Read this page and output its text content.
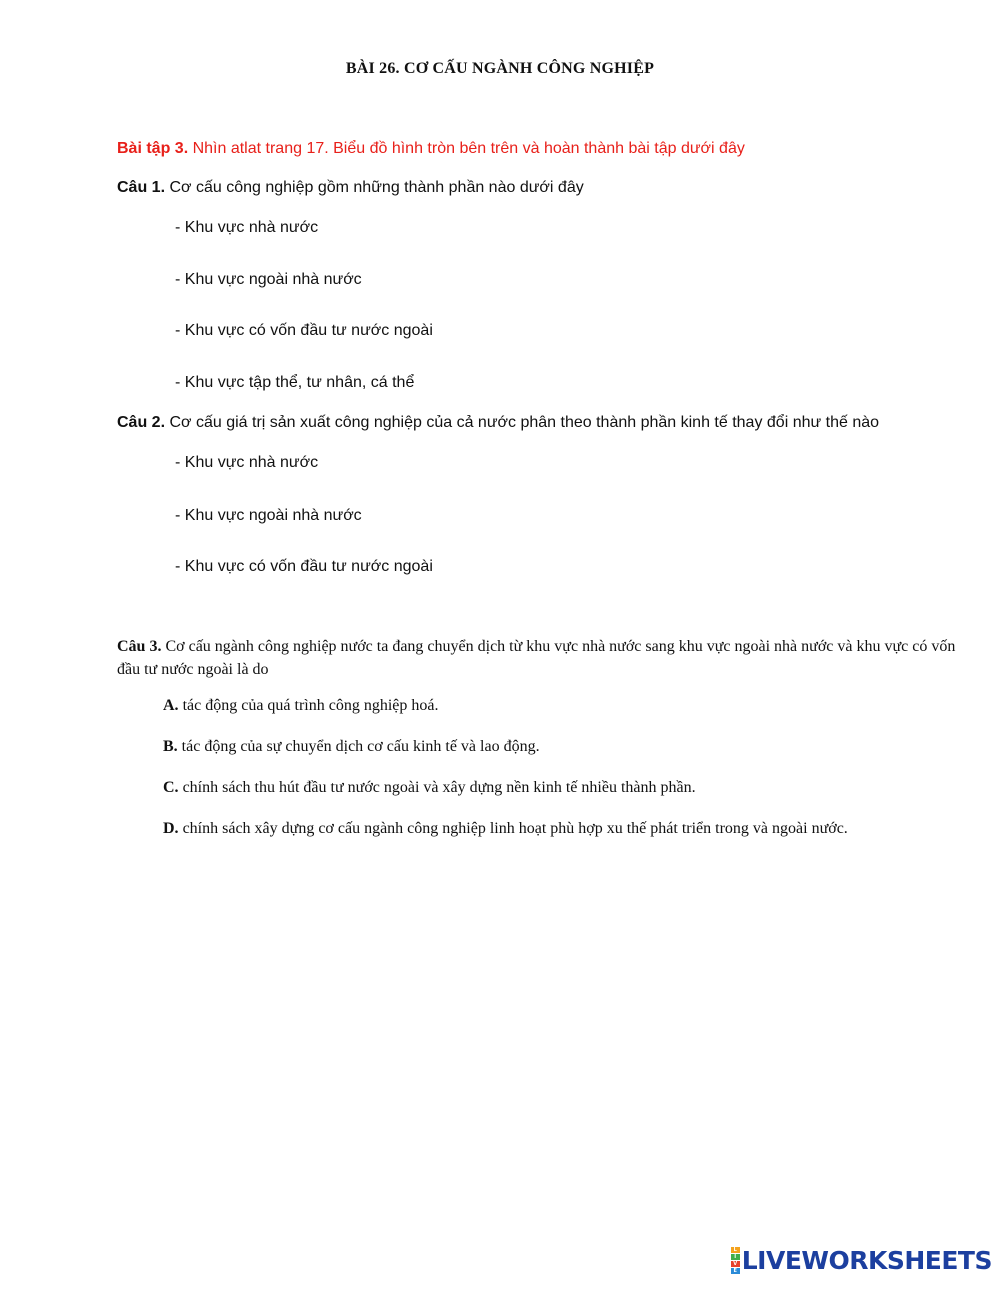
BÀI 26. CƠ CẤU NGÀNH CÔNG NGHIỆP
Bài tập 3. Nhìn atlat trang 17. Biểu đồ hình tròn bên trên và hoàn thành bài tập dưới đây
Câu 1. Cơ cấu công nghiệp gồm những thành phần nào dưới đây
- Khu vực nhà nước
- Khu vực ngoài nhà nước
- Khu vực có vốn đầu tư nước ngoài
- Khu vực tập thể, tư nhân, cá thể
Câu 2. Cơ cấu giá trị sản xuất công nghiệp của cả nước phân theo thành phần kinh tế thay đổi như thế nào
- Khu vực nhà nước
- Khu vực ngoài nhà nước
- Khu vực có vốn đầu tư nước ngoài
Câu 3. Cơ cấu ngành công nghiệp nước ta đang chuyển dịch từ khu vực nhà nước sang khu vực ngoài nhà nước và khu vực có vốn đầu tư nước ngoài là do
A. tác động của quá trình công nghiệp hoá.
B. tác động của sự chuyển dịch cơ cấu kinh tế và lao động.
C. chính sách thu hút đầu tư nước ngoài và xây dựng nền kinh tế nhiều thành phần.
D. chính sách xây dựng cơ cấu ngành công nghiệp linh hoạt phù hợp xu thế phát triển trong và ngoài nước.
L
I
V
E LIVEWORKSHEETS
